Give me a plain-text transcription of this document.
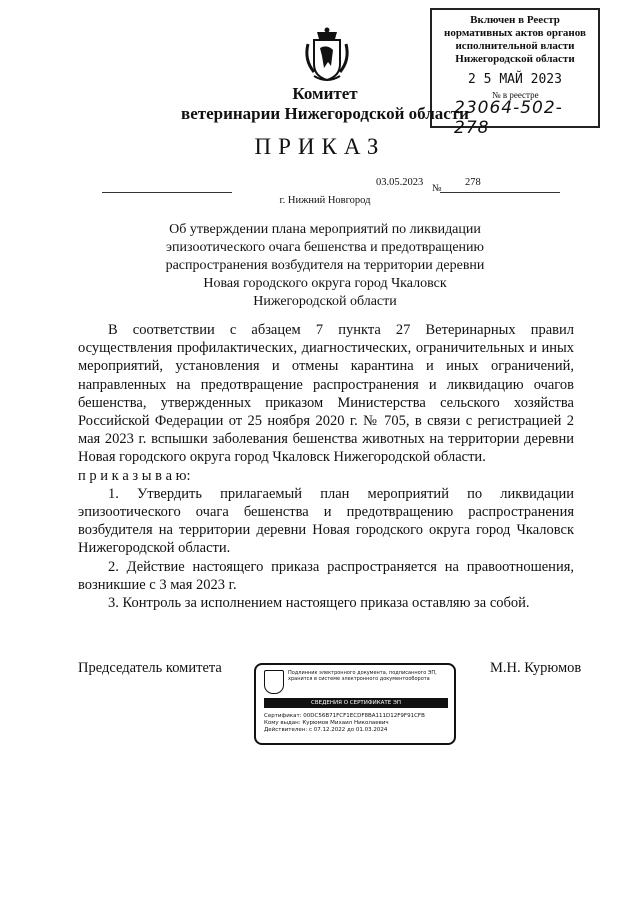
Включен в Реестр
нормативных актов органов
исполнительной власти
Нижегородской области
2 5 МАЙ 2023
№ в реестре
23064-502-278
Комитет
ветеринарии Нижегородской области
ПРИКАЗ
03.05.2023
№
278
г. Нижний Новгород
Об утверждении плана мероприятий по ликвидации эпизоотического очага бешенства и предотвращению распространения возбудителя на территории деревни Новая городского округа город Чкаловск Нижегородской области

В соответствии с абзацем 7 пункта 27 Ветеринарных правил осуществления профилактических, диагностических, ограничительных и иных мероприятий, установления и отмены карантина и иных ограничений, направленных на предотвращение распространения и ликвидацию очагов бешенства, утвержденных приказом Министерства сельского хозяйства Российской Федерации от 25 ноября 2020 г. № 705, в связи с регистрацией 2 мая 2023 г. вспышки заболевания бешенства животных на территории деревни Новая городского округа город Чкаловск Нижегородской области.

п р и к а з ы в а ю:

1. Утвердить прилагаемый план мероприятий по ликвидации эпизоотического очага бешенства и предотвращению распространения возбудителя на территории деревни Новая городского округа город Чкаловск Нижегородской области.

2. Действие настоящего приказа распространяется на правоотношения, возникшие с 3 мая 2023 г.

3. Контроль за исполнением настоящего приказа оставляю за собой.

Председатель комитета	М.Н. Курюмов
Подлинник электронного документа, подписанного ЭП, хранится в системе электронного документооборота
СВЕДЕНИЯ О СЕРТИФИКАТЕ ЭП
Сертификат: 00DC56B71FCF1ECDF8BA111D12F9F91CFB
Кому выдан: Курюмов Михаил Николаевич
Действителен: с 07.12.2022 до 01.03.2024
